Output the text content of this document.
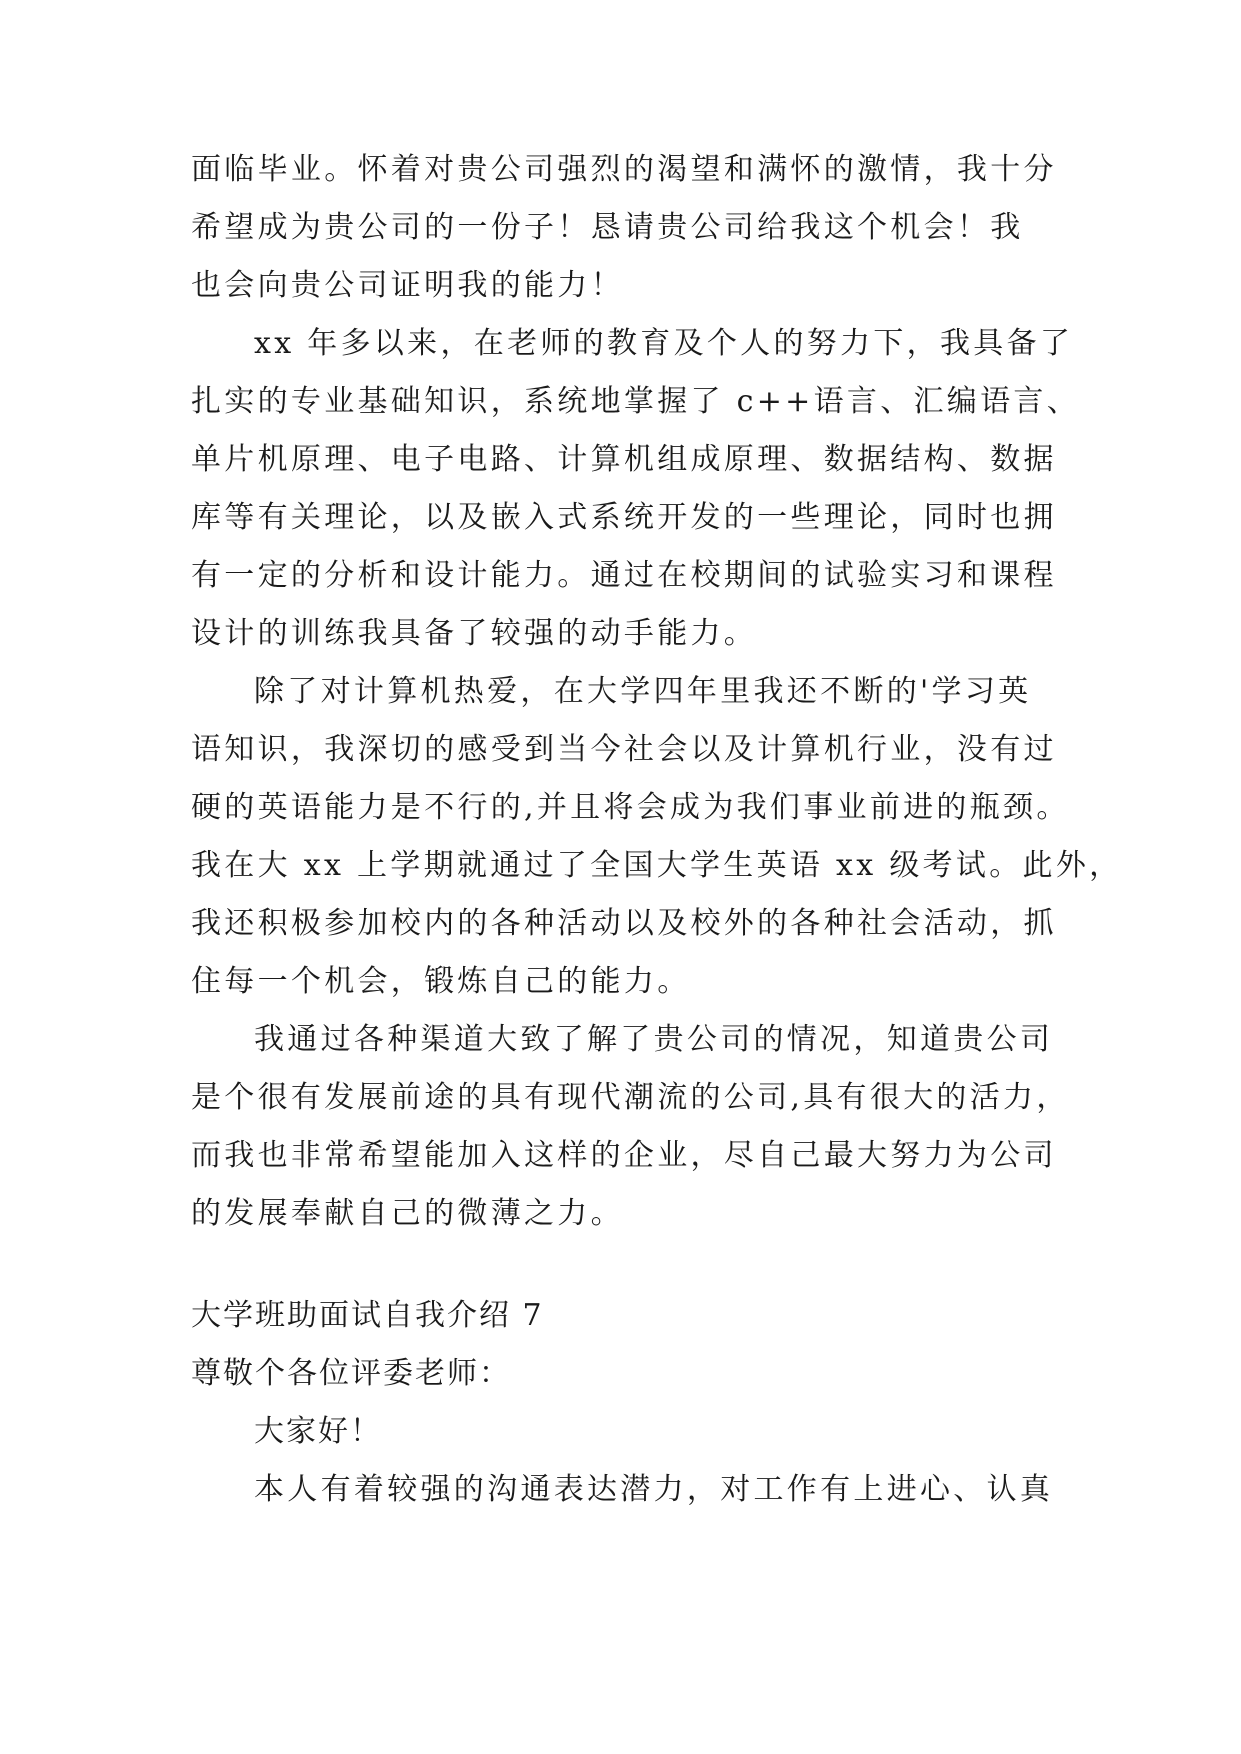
面临毕业。怀着对贵公司强烈的渴望和满怀的激情，我十分
希望成为贵公司的一份子！恳请贵公司给我这个机会！我
也会向贵公司证明我的能力！
xx 年多以来，在老师的教育及个人的努力下，我具备了
扎实的专业基础知识，系统地掌握了 c++语言、汇编语言、
单片机原理、电子电路、计算机组成原理、数据结构、数据
库等有关理论，以及嵌入式系统开发的一些理论，同时也拥
有一定的分析和设计能力。通过在校期间的试验实习和课程
设计的训练我具备了较强的动手能力。
除了对计算机热爱，在大学四年里我还不断的'学习英
语知识，我深切的感受到当今社会以及计算机行业，没有过
硬的英语能力是不行的,并且将会成为我们事业前进的瓶颈。
我在大 xx 上学期就通过了全国大学生英语 xx 级考试。此外，
我还积极参加校内的各种活动以及校外的各种社会活动，抓
住每一个机会，锻炼自己的能力。
我通过各种渠道大致了解了贵公司的情况，知道贵公司
是个很有发展前途的具有现代潮流的公司,具有很大的活力，
而我也非常希望能加入这样的企业，尽自己最大努力为公司
的发展奉献自己的微薄之力。
大学班助面试自我介绍 7
尊敬个各位评委老师：
大家好！
本人有着较强的沟通表达潜力，对工作有上进心、认真
